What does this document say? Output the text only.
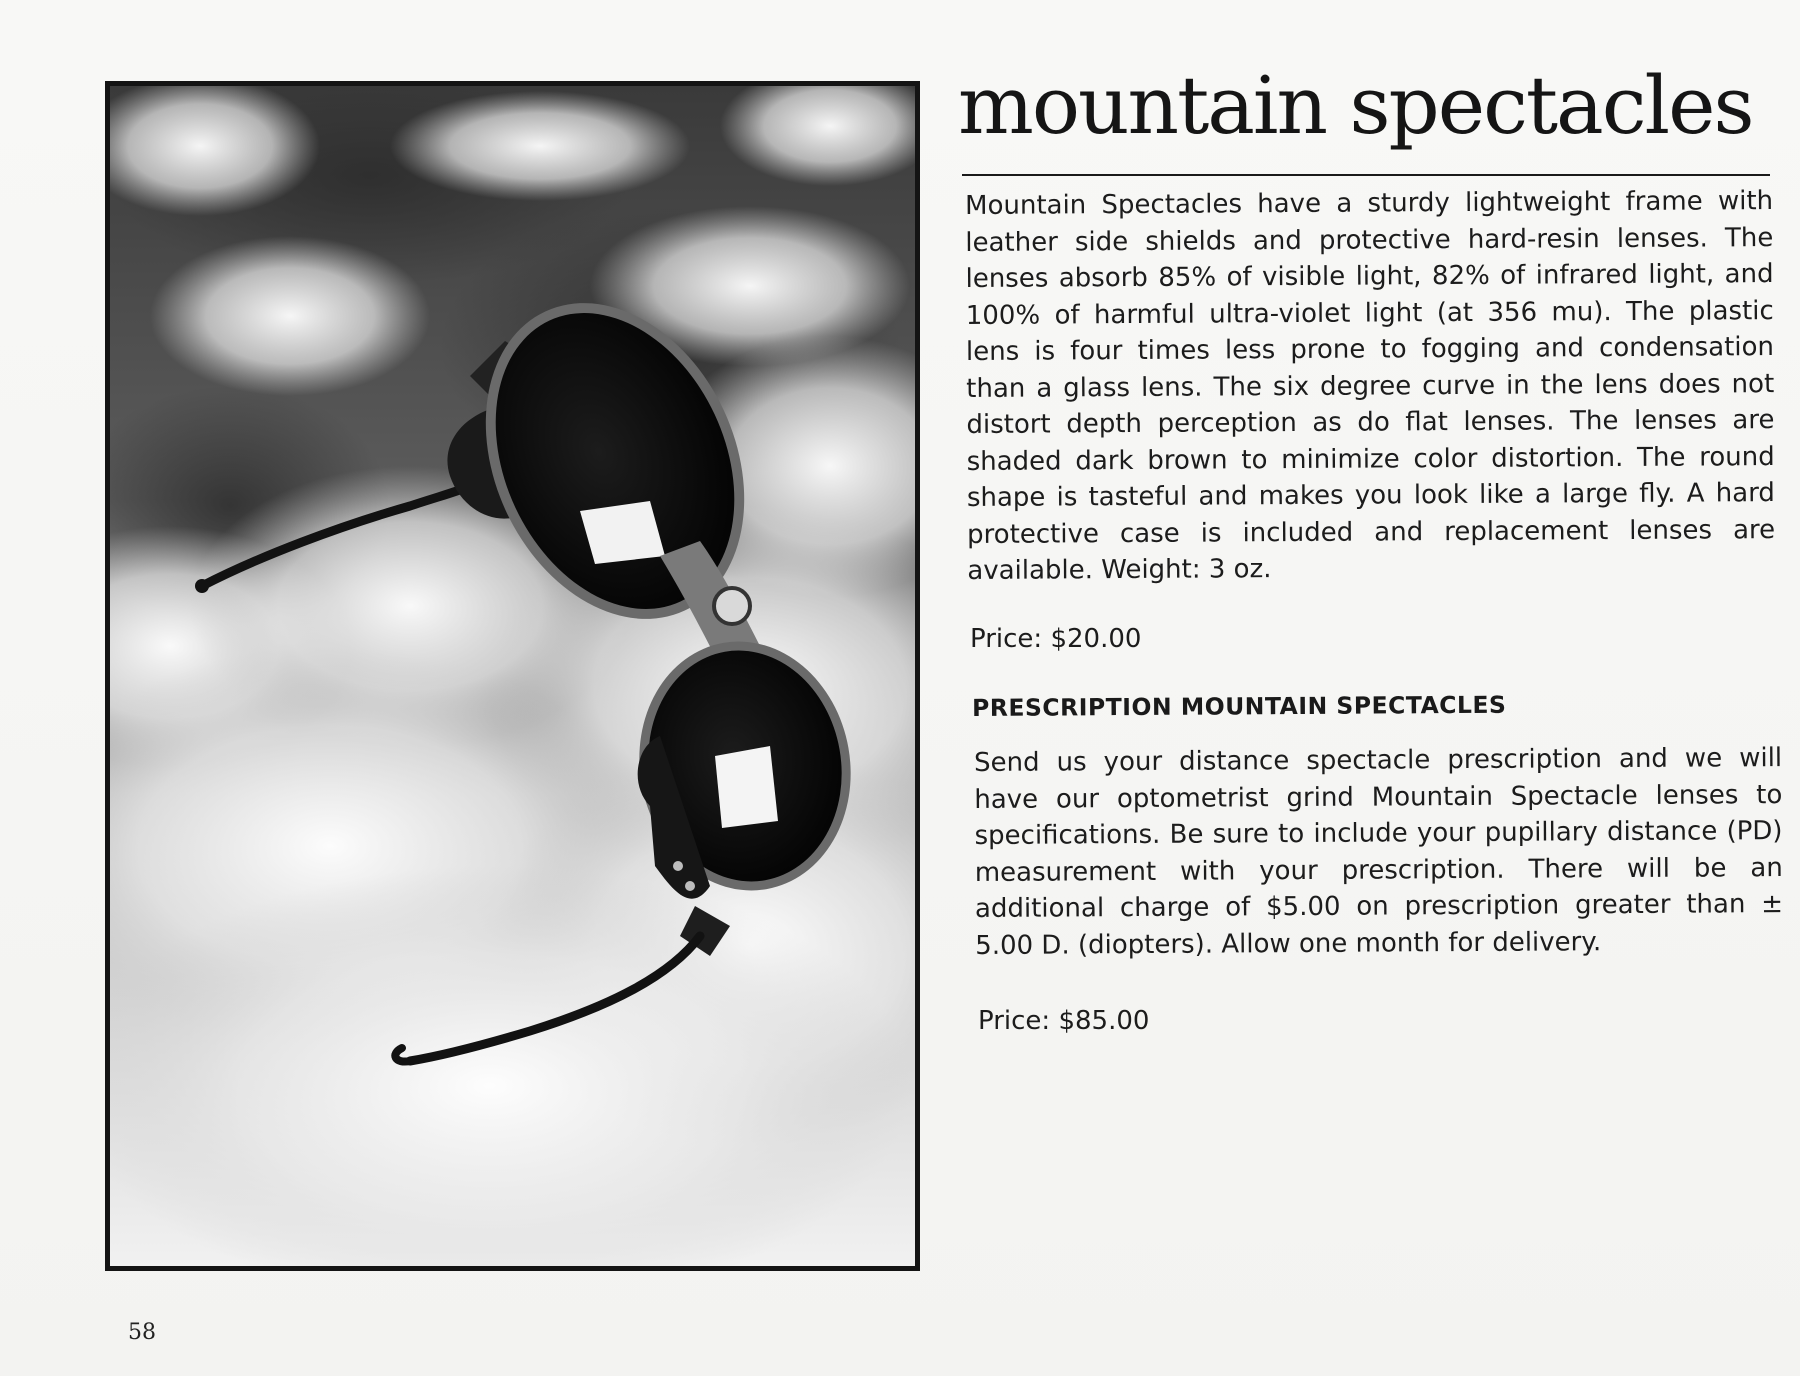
mountain spectacles
Mountain Spectacles have a sturdy lightweight frame with leather side shields and protective hard-resin lenses. The lenses absorb 85% of visible light, 82% of infrared light, and 100% of harmful ultra-violet light (at 356 mu). The plastic lens is four times less prone to fogging and condensation than a glass lens. The six degree curve in the lens does not distort depth perception as do flat lenses. The lenses are shaded dark brown to minimize color distortion. The round shape is tasteful and makes you look like a large fly. A hard protective case is included and replacement lenses are available. Weight: 3 oz.
Price: $20.00
PRESCRIPTION MOUNTAIN SPECTACLES
Send us your distance spectacle prescription and we will have our optometrist grind Mountain Spectacle lenses to specifications. Be sure to include your pupillary distance (PD) measurement with your prescription. There will be an additional charge of $5.00 on prescription greater than ± 5.00 D. (diopters). Allow one month for delivery.
Price: $85.00
58
